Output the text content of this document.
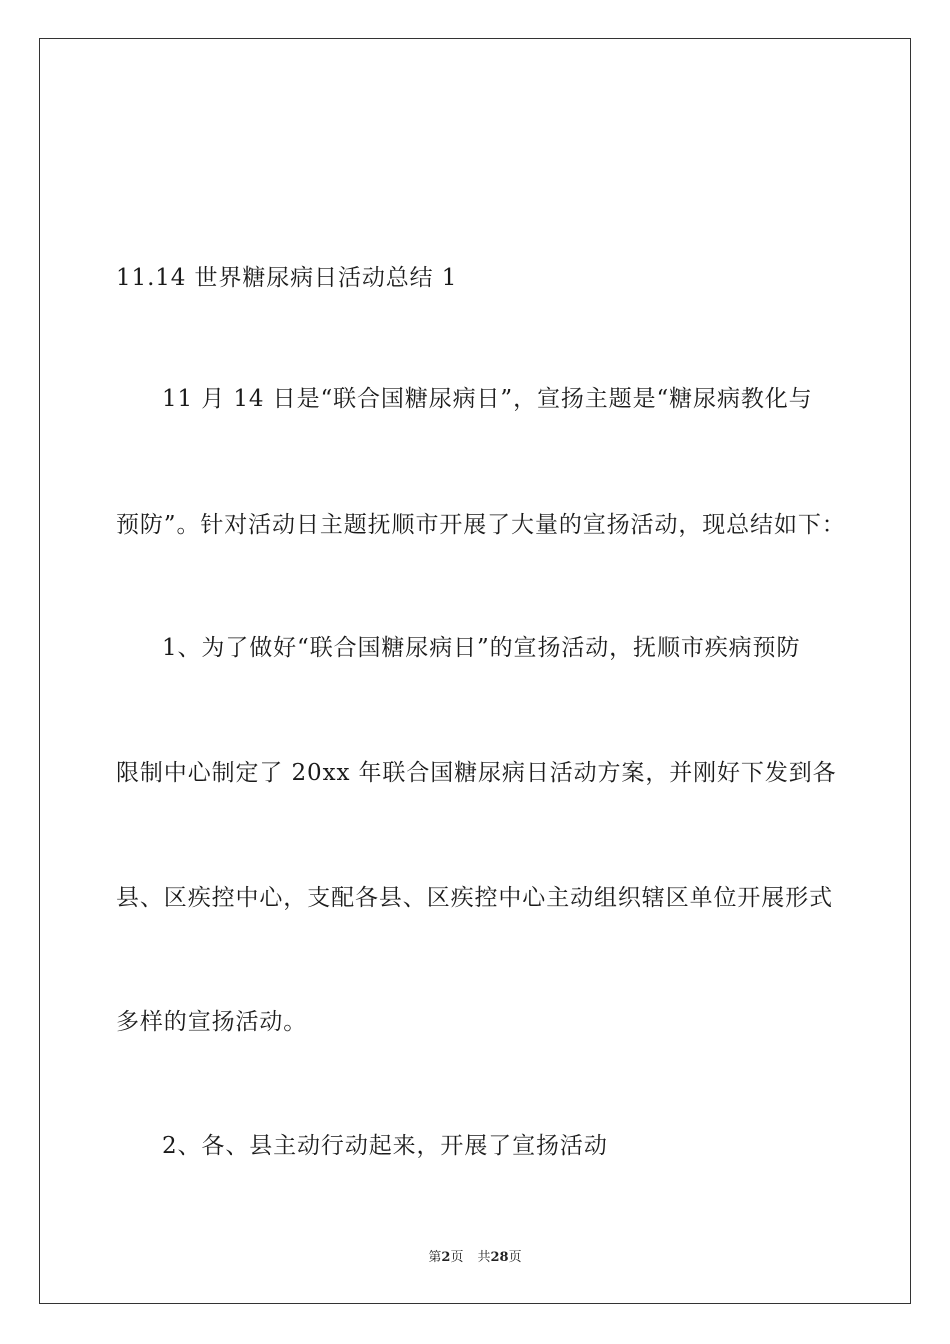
11.14 世界糖尿病日活动总结 1
11 月 14 日是“联合国糖尿病日”，宣扬主题是“糖尿病教化与
预防”。针对活动日主题抚顺市开展了大量的宣扬活动，现总结如下：
1、为了做好“联合国糖尿病日”的宣扬活动，抚顺市疾病预防
限制中心制定了 20xx 年联合国糖尿病日活动方案，并刚好下发到各
县、区疾控中心，支配各县、区疾控中心主动组织辖区单位开展形式
多样的宣扬活动。
2、各、县主动行动起来，开展了宣扬活动
第2页 共28页
